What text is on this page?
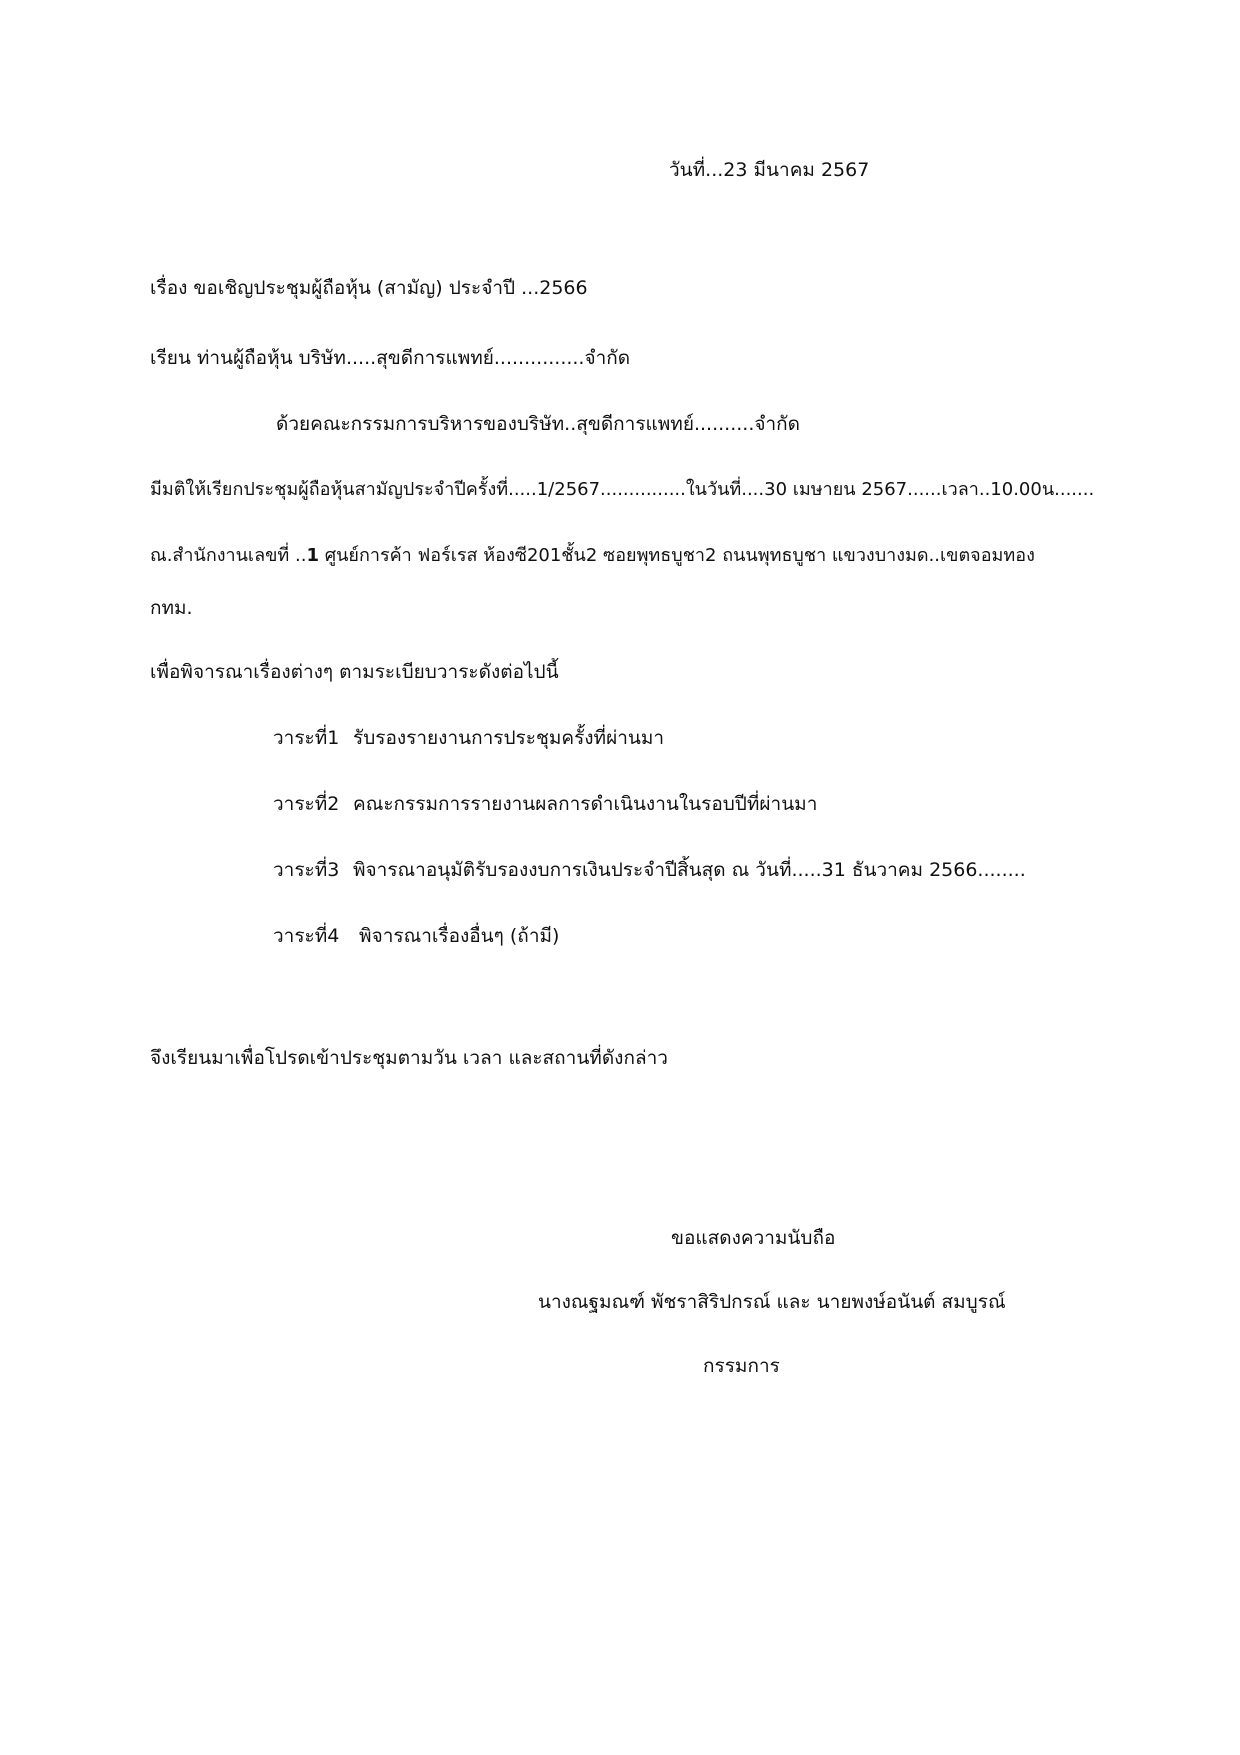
วันที่...23 มีนาคม 2567
เรื่อง ขอเชิญประชุมผู้ถือหุ้น (สามัญ) ประจำปี ...2566
เรียน ท่านผู้ถือหุ้น บริษัท.....สุขดีการแพทย์...............จำกัด
ด้วยคณะกรรมการบริหารของบริษัท..สุขดีการแพทย์..........จำกัด
มีมติให้เรียกประชุมผู้ถือหุ้นสามัญประจำปีครั้งที่.....1/2567...............ในวันที่....30 เมษายน 2567......เวลา..10.00น.......
ณ.สำนักงานเลขที่ ..1 ศูนย์การค้า ฟอร์เรส ห้องซี201ชั้น2 ซอยพุทธบูชา2 ถนนพุทธบูชา แขวงบางมด..เขตจอมทอง
กทม.
เพื่อพิจารณาเรื่องต่างๆ ตามระเบียบวาระดังต่อไปนี้
วาระที่1 รับรองรายงานการประชุมครั้งที่ผ่านมา
วาระที่2 คณะกรรมการรายงานผลการดำเนินงานในรอบปีที่ผ่านมา
วาระที่3 พิจารณาอนุมัติรับรองงบการเงินประจำปีสิ้นสุด ณ วันที่.....31 ธันวาคม 2566........
วาระที่4 พิจารณาเรื่องอื่นๆ (ถ้ามี)
จึงเรียนมาเพื่อโปรดเข้าประชุมตามวัน เวลา และสถานที่ดังกล่าว
ขอแสดงความนับถือ
นางณฐมณฑ์ พัชราสิริปกรณ์ และ นายพงษ์อนันต์ สมบูรณ์
กรรมการ
